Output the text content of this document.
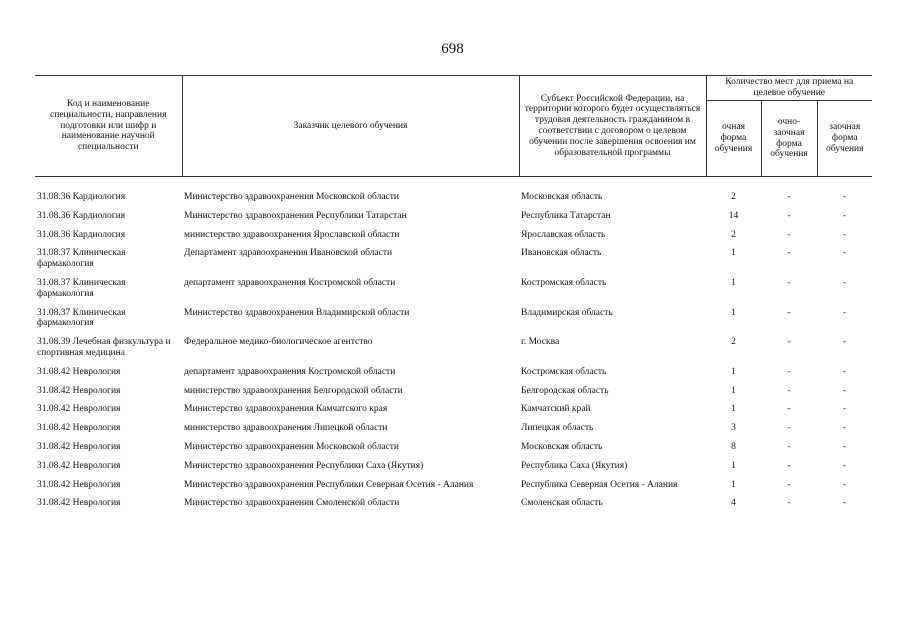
698
Код и наименование специальности, направления подготовки или шифр и наименование научной специальности	Заказчик целевого обучения	Субъект Российской Федерации, на территории которого будет осуществляться трудовая деятельность гражданином в соответствии с договором о целевом обучении после завершения освоения им образовательной программы	Количество мест для приема на целевое обучение		
			очная форма обучения	очно-заочная форма обучения	заочная форма обучения

31.08.36 Кардиология	Министерство здравоохранения Московской области	Московская область	2	-	-
31.08.36 Кардиология	Министерство здравоохранения Республики Татарстан	Республика Татарстан	14	-	-
31.08.36 Кардиология	министерство здравоохранения Ярославской области	Ярославская область	2	-	-
31.08.37 Клиническая фармакология	Департамент здравоохранения Ивановской области	Ивановская область	1	-	-
31.08.37 Клиническая фармакология	департамент здравоохранения Костромской области	Костромская область	1	-	-
31.08.37 Клиническая фармакология	Министерство здравоохранения Владимирской области	Владимирская область	1	-	-
31.08.39 Лечебная физкультура и спортивная медицина	Федеральное медико-биологическое агентство	г. Москва	2	-	-
31.08.42 Неврология	департамент здравоохранения Костромской области	Костромская область	1	-	-
31.08.42 Неврология	министерство здравоохранения Белгородской области	Белгородская область	1	-	-
31.08.42 Неврология	Министерство здравоохранения Камчатского края	Камчатский край	1	-	-
31.08.42 Неврология	министерство здравоохранения Липецкой области	Липецкая область	3	-	-
31.08.42 Неврология	Министерство здравоохранения Московской области	Московская область	8	-	-
31.08.42 Неврология	Министерство здравоохранения Республики Саха (Якутия)	Республика Саха (Якутия)	1	-	-
31.08.42 Неврология	Министерство здравоохранения Республики Северная Осетия - Алания	Республика Северная Осетия - Алания	1	-	-
31.08.42 Неврология	Министерство здравоохранения Смоленской области	Смоленская область	4	-	-
